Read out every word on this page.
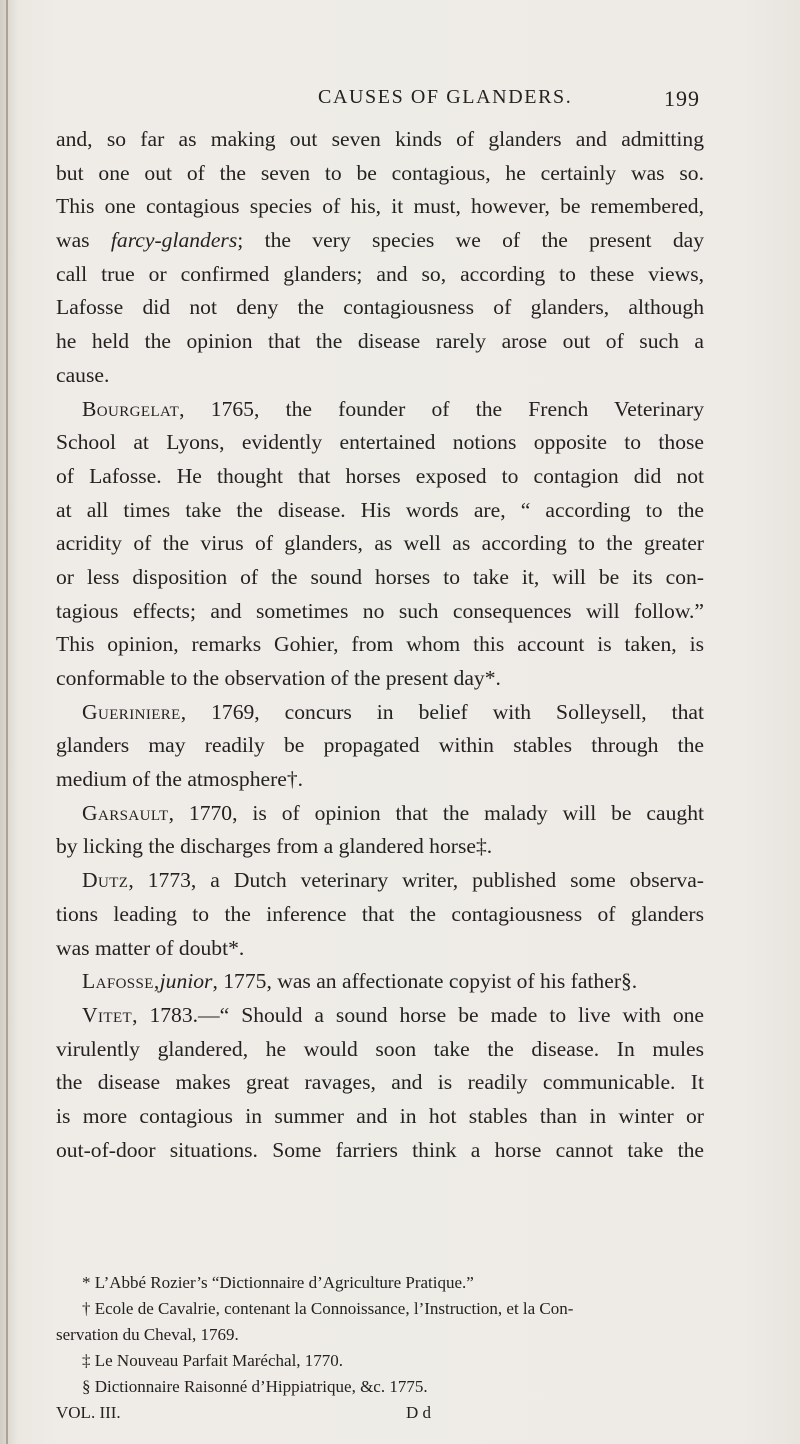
CAUSES OF GLANDERS.	199
and, so far as making out seven kinds of glanders and admitting
but one out of the seven to be contagious, he certainly was so.
This one contagious species of his, it must, however, be remembered,
was farcy-glanders; the very species we of the present day
call true or confirmed glanders; and so, according to these views,
Lafosse did not deny the contagiousness of glanders, although
he held the opinion that the disease rarely arose out of such a
cause.
Bourgelat, 1765, the founder of the French Veterinary
School at Lyons, evidently entertained notions opposite to those
of Lafosse. He thought that horses exposed to contagion did not
at all times take the disease. His words are, “ according to the
acridity of the virus of glanders, as well as according to the greater
or less disposition of the sound horses to take it, will be its con-
tagious effects; and sometimes no such consequences will follow.”
This opinion, remarks Gohier, from whom this account is taken, is
conformable to the observation of the present day*.
Gueriniere, 1769, concurs in belief with Solleysell, that
glanders may readily be propagated within stables through the
medium of the atmosphere†.
Garsault, 1770, is of opinion that the malady will be caught
by licking the discharges from a glandered horse‡.
Dutz, 1773, a Dutch veterinary writer, published some observa-
tions leading to the inference that the contagiousness of glanders
was matter of doubt*.
Lafosse,junior, 1775, was an affectionate copyist of his father§.
Vitet, 1783.—“ Should a sound horse be made to live with one
virulently glandered, he would soon take the disease. In mules
the disease makes great ravages, and is readily communicable. It
is more contagious in summer and in hot stables than in winter or
out-of-door situations. Some farriers think a horse cannot take the
* L’Abbé Rozier’s “Dictionnaire d’Agriculture Pratique.”
† Ecole de Cavalrie, contenant la Connoissance, l’Instruction, et la Con-
servation du Cheval, 1769.
‡ Le Nouveau Parfait Maréchal, 1770.
§ Dictionnaire Raisonné d’Hippiatrique, &c. 1775.
VOL. III.	D d
